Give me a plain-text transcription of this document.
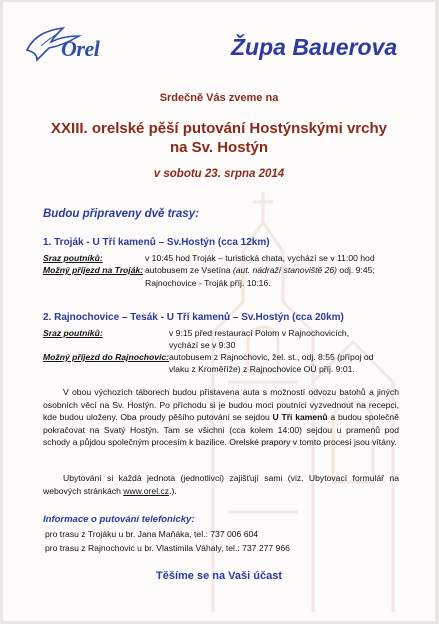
Orel	Župa Bauerova
Srdečně Vás zveme na
XXIII. orelské pěší putování Hostýnskými vrchy
na Sv. Hostýn
v sobotu 23. srpna 2014
Budou připraveny dvě trasy:
1. Troják - U Tří kamenů – Sv.Hostýn (cca 12km)
Sraz poutníků:	v 10:45 hod Troják – turistická chata, vychází se v 11:00 hod
Možný příjezd na Troják: autobusem ze Vsetína (aut. nádraží stanoviště 26) odj. 9:45;
Rajnochovice - Troják příj. 10:16.
2. Rajnochovice – Tesák - U Tří kamenů – Sv.Hostýn (cca 20km)
Sraz poutníků:	v 9:15 před restaurací Polom v Rajnochovicích,
vychází se v 9:30
Možný příjezd do Rajnochovic: autobusem z Rajnochovic, žel. st., odj. 8:55 (přípoj od
vlaku z Kroměříže) z Rajnochovice OÚ příj. 9:01.
V obou výchozích táborech budou přistavena auta s možností odvozu batohů a jiných osobních věcí na Sv. Hostýn. Po příchodu si je budou moci poutníci vyzvednout na recepci, kde budou uloženy. Oba proudy pěšího putování se sejdou U Tří kamenů a budou společně pokračovat na Svatý Hostýn. Tam se všichni (cca kolem 14:00) sejdou u pramenů pod schody a půjdou společným procesím k bazilice. Orelské prapory v tomto procesí jsou vítány.
Ubytování si každá jednota (jednotlivci) zajišťují sami (viz. Ubytovací formulář na webových stránkách www.orel.cz.).
Informace o putování telefonicky:
pro trasu z Trojáku u br. Jana Maňáka, tel.: 737 006 604
pro trasu z Rajnochovic u br. Vlastimila Váhaly, tel.: 737 277 966
Těšíme se na Vaši účast
